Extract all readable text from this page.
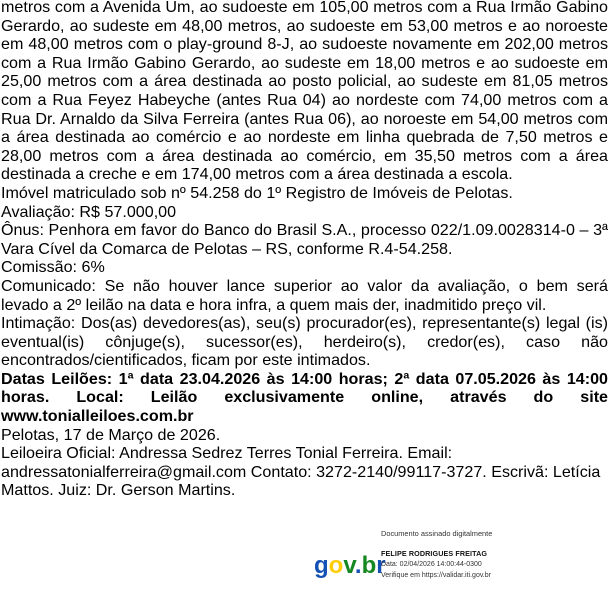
metros com a Avenida Um, ao sudoeste em 105,00 metros com a Rua Irmão Gabino Gerardo, ao sudeste em 48,00 metros, ao sudoeste em 53,00 metros e ao noroeste em 48,00 metros com o play-ground 8-J, ao sudoeste novamente em 202,00 metros com a Rua Irmão Gabino Gerardo, ao sudeste em 18,00 metros e ao sudoeste em 25,00 metros com a área destinada ao posto policial, ao sudeste em 81,05 metros com a Rua Feyez Habeyche (antes Rua 04) ao nordeste com 74,00 metros com a Rua Dr. Arnaldo da Silva Ferreira (antes Rua 06), ao noroeste em 54,00 metros com a área destinada ao comércio e ao nordeste em linha quebrada de 7,50 metros e 28,00 metros com a área destinada ao comércio, em 35,50 metros com a área destinada a creche e em 174,00 metros com a área destinada a escola.

Imóvel matriculado sob nº 54.258 do 1º Registro de Imóveis de Pelotas.

Avaliação: R$ 57.000,00

Ônus: Penhora em favor do Banco do Brasil S.A., processo 022/1.09.0028314-0 – 3ª Vara Cível da Comarca de Pelotas – RS, conforme R.4-54.258.

Comissão: 6%

Comunicado: Se não houver lance superior ao valor da avaliação, o bem será levado a 2º leilão na data e hora infra, a quem mais der, inadmitido preço vil.

Intimação: Dos(as) devedores(as), seu(s) procurador(es), representante(s) legal (is) eventual(is) cônjuge(s), sucessor(es), herdeiro(s), credor(es), caso não encontrados/cientificados, ficam por este intimados.

Datas Leilões: 1ª data 23.04.2026 às 14:00 horas; 2ª data 07.05.2026 às 14:00 horas. Local: Leilão exclusivamente online, através do site www.tonialleiloes.com.br

Pelotas, 17 de Março de 2026.

Leiloeira Oficial: Andressa Sedrez Terres Tonial Ferreira. Email: andressatonialferreira@gmail.com Contato: 3272-2140/99117-3727. Escrivã: Letícia Mattos. Juiz: Dr. Gerson Martins.

gov.br
Documento assinado digitalmente
FELIPE RODRIGUES FREITAG
Data: 02/04/2026 14:00:44-0300
Verifique em https://validar.iti.gov.br
